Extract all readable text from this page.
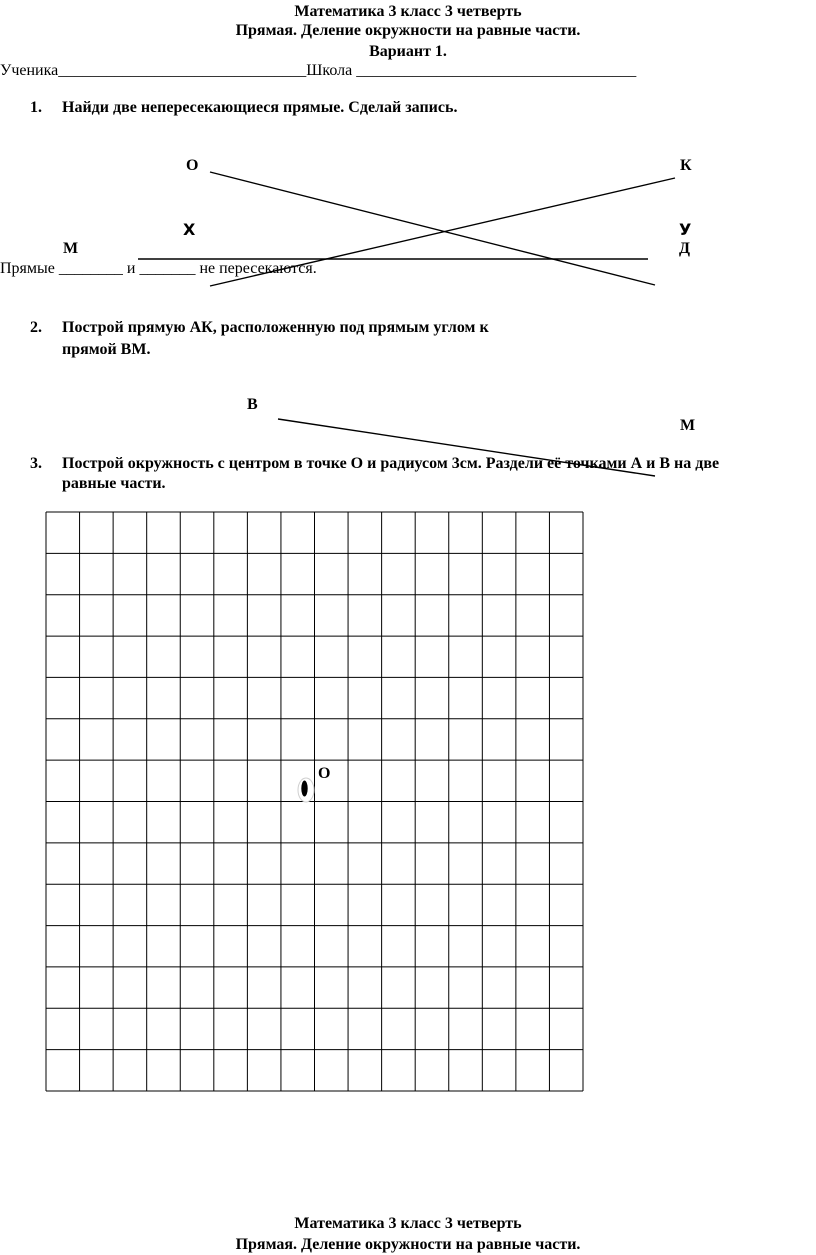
Математика 3 класс 3 четверть
Прямая. Деление окружности на равные части.
Вариант 1.
Ученика_______________________________Школа ___________________________________
1. Найди две непересекающиеся прямые. Сделай запись.
О	К
Х	У
М	Д
Прямые ________ и _______ не пересекаются.
2. Построй прямую АК, расположенную под прямым углом к
прямой ВМ.
В
М
3. Построй окружность с центром в точке О и радиусом 3см. Раздели её точками А и В на две
равные части.
О
Математика 3 класс 3 четверть
Прямая. Деление окружности на равные части.
